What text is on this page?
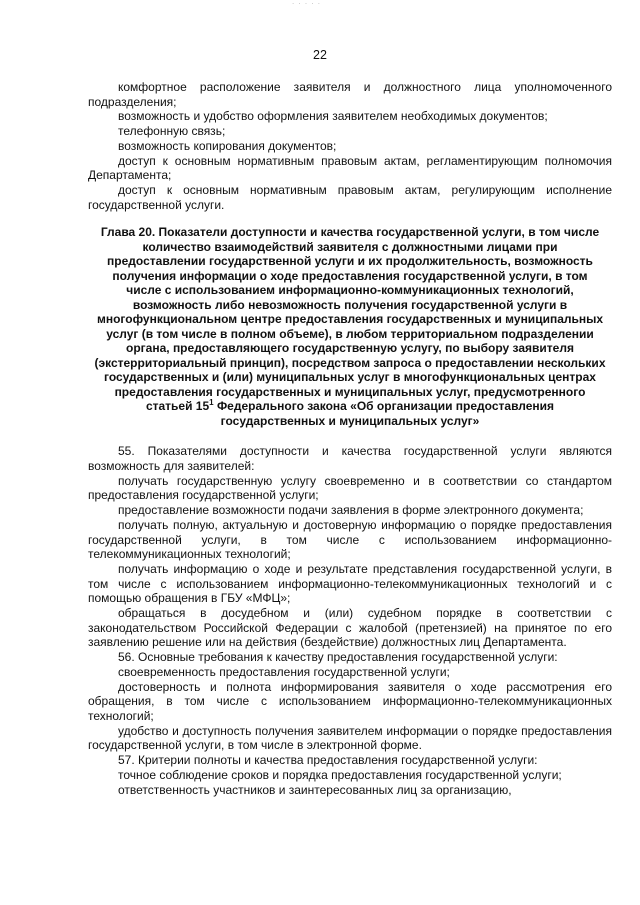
· · · · ·
22

комфортное расположение заявителя и должностного лица уполномоченного подразделения;

возможность и удобство оформления заявителем необходимых документов;

телефонную связь;

возможность копирования документов;

доступ к основным нормативным правовым актам, регламентирующим полномочия Департамента;

доступ к основным нормативным правовым актам, регулирующим исполнение государственной услуги.

Глава 20. Показатели доступности и качества государственной услуги, в том числе количество взаимодействий заявителя с должностными лицами при предоставлении государственной услуги и их продолжительность, возможность получения информации о ходе предоставления государственной услуги, в том числе с использованием информационно-коммуникационных технологий, возможность либо невозможность получения государственной услуги в многофункциональном центре предоставления государственных и муниципальных услуг (в том числе в полном объеме), в любом территориальном подразделении органа, предоставляющего государственную услугу, по выбору заявителя (экстерриториальный принцип), посредством запроса о предоставлении нескольких государственных и (или) муниципальных услуг в многофункциональных центрах предоставления государственных и муниципальных услуг, предусмотренного статьей $15^1$ Федерального закона «Об организации предоставления государственных и муниципальных услуг»

55. Показателями доступности и качества государственной услуги являются возможность для заявителей:

получать государственную услугу своевременно и в соответствии со стандартом предоставления государственной услуги;

предоставление возможности подачи заявления в форме электронного документа;

получать полную, актуальную и достоверную информацию о порядке предоставления государственной услуги, в том числе с использованием информационно-телекоммуникационных технологий;

получать информацию о ходе и результате представления государственной услуги, в том числе с использованием информационно-телекоммуникационных технологий и с помощью обращения в ГБУ «МФЦ»;

обращаться в досудебном и (или) судебном порядке в соответствии с законодательством Российской Федерации с жалобой (претензией) на принятое по его заявлению решение или на действия (бездействие) должностных лиц Департамента.

56. Основные требования к качеству предоставления государственной услуги:

своевременность предоставления государственной услуги;

достоверность и полнота информирования заявителя о ходе рассмотрения его обращения, в том числе с использованием информационно-телекоммуникационных технологий;

удобство и доступность получения заявителем информации о порядке предоставления государственной услуги, в том числе в электронной форме.

57. Критерии полноты и качества предоставления государственной услуги:

точное соблюдение сроков и порядка предоставления государственной услуги;

ответственность участников и заинтересованных лиц за организацию,
